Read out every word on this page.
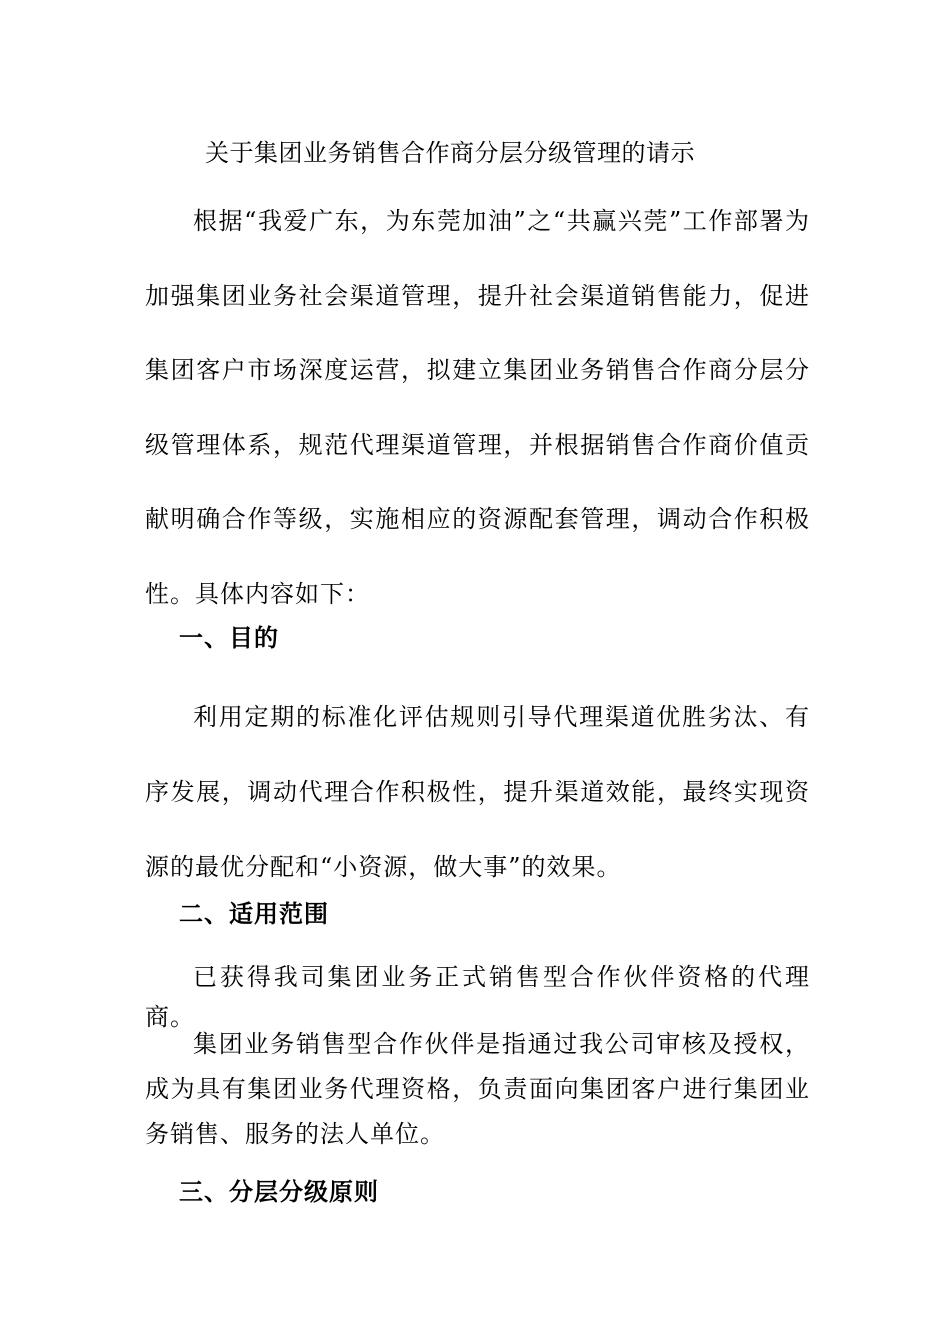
关于集团业务销售合作商分层分级管理的请示

根据“我爱广东，为东莞加油”之“共赢兴莞”工作部署为加强集团业务社会渠道管理，提升社会渠道销售能力，促进集团客户市场深度运营，拟建立集团业务销售合作商分层分级管理体系，规范代理渠道管理，并根据销售合作商价值贡献明确合作等级，实施相应的资源配套管理，调动合作积极性。具体内容如下：

一、目的

利用定期的标准化评估规则引导代理渠道优胜劣汰、有序发展，调动代理合作积极性，提升渠道效能，最终实现资源的最优分配和“小资源，做大事”的效果。

二、适用范围

已获得我司集团业务正式销售型合作伙伴资格的代理商。

集团业务销售型合作伙伴是指通过我公司审核及授权，成为具有集团业务代理资格，负责面向集团客户进行集团业务销售、服务的法人单位。

三、分层分级原则
